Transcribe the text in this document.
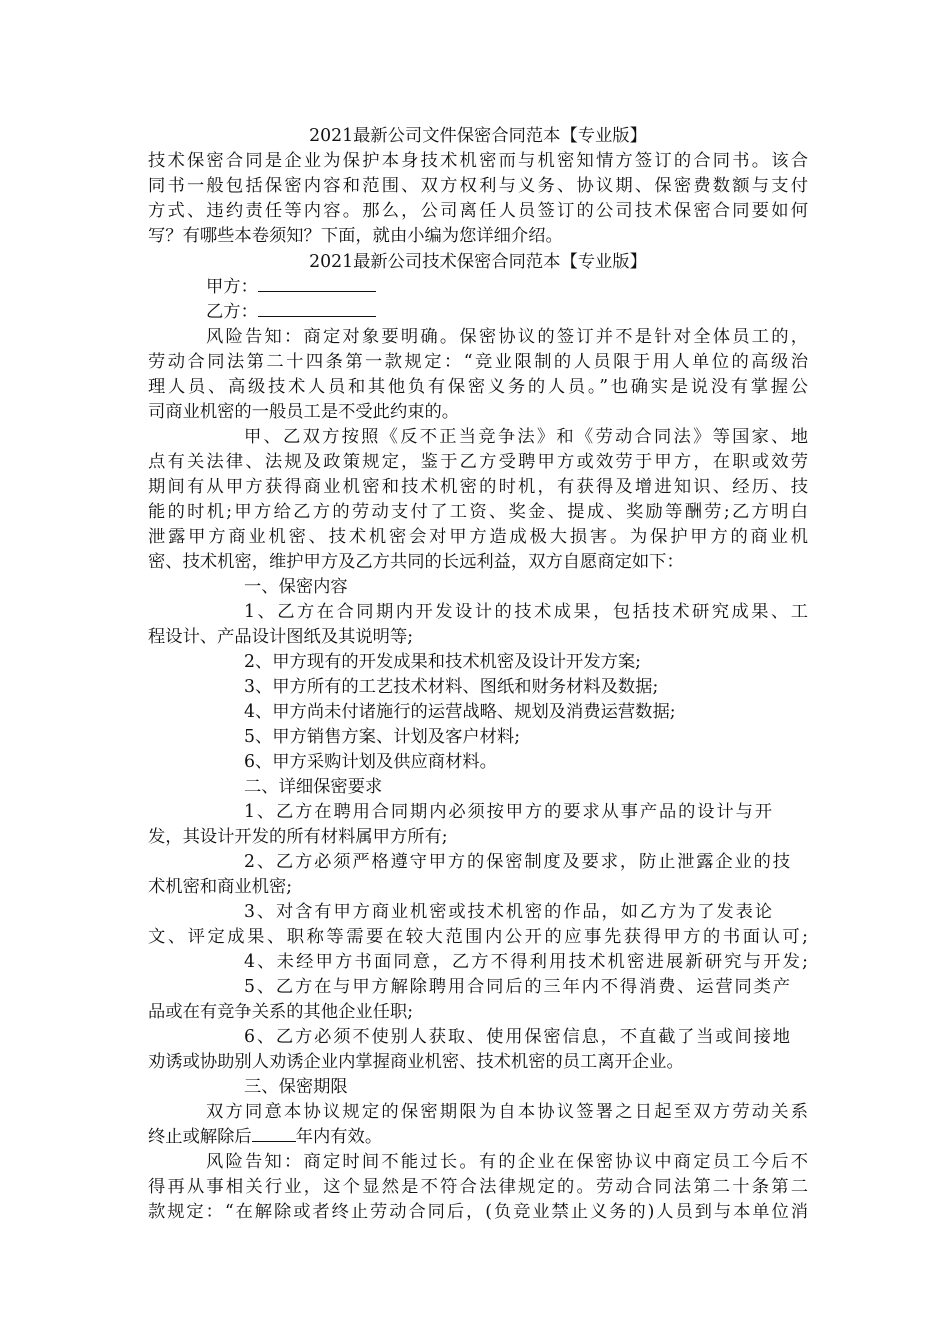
2021最新公司文件保密合同范本【专业版】
技术保密合同是企业为保护本身技术机密而与机密知情方签订的合同书。该合
同书一般包括保密内容和范围、双方权利与义务、协议期、保密费数额与支付
方式、违约责任等内容。那么，公司离任人员签订的公司技术保密合同要如何
写？有哪些本卷须知？下面，就由小编为您详细介绍。
2021最新公司技术保密合同范本【专业版】
甲方：
乙方：
风险告知：商定对象要明确。保密协议的签订并不是针对全体员工的，
劳动合同法第二十四条第一款规定：“竞业限制的人员限于用人单位的高级治
理人员、高级技术人员和其他负有保密义务的人员。”也确实是说没有掌握公
司商业机密的一般员工是不受此约束的。
甲、乙双方按照《反不正当竞争法》和《劳动合同法》等国家、地
点有关法律、法规及政策规定，鉴于乙方受聘甲方或效劳于甲方，在职或效劳
期间有从甲方获得商业机密和技术机密的时机，有获得及增进知识、经历、技
能的时机;甲方给乙方的劳动支付了工资、奖金、提成、奖励等酬劳;乙方明白
泄露甲方商业机密、技术机密会对甲方造成极大损害。为保护甲方的商业机
密、技术机密，维护甲方及乙方共同的长远利益，双方自愿商定如下：
一、保密内容
1、乙方在合同期内开发设计的技术成果，包括技术研究成果、工
程设计、产品设计图纸及其说明等;
2、甲方现有的开发成果和技术机密及设计开发方案;
3、甲方所有的工艺技术材料、图纸和财务材料及数据;
4、甲方尚未付诸施行的运营战略、规划及消费运营数据;
5、甲方销售方案、计划及客户材料;
6、甲方采购计划及供应商材料。
二、详细保密要求
1、乙方在聘用合同期内必须按甲方的要求从事产品的设计与开
发，其设计开发的所有材料属甲方所有;
2、乙方必须严格遵守甲方的保密制度及要求，防止泄露企业的技
术机密和商业机密;
3、对含有甲方商业机密或技术机密的作品，如乙方为了发表论
文、评定成果、职称等需要在较大范围内公开的应事先获得甲方的书面认可;
4、未经甲方书面同意，乙方不得利用技术机密进展新研究与开发;
5、乙方在与甲方解除聘用合同后的三年内不得消费、运营同类产
品或在有竞争关系的其他企业任职;
6、乙方必须不使别人获取、使用保密信息，不直截了当或间接地
劝诱或协助别人劝诱企业内掌握商业机密、技术机密的员工离开企业。
三、保密期限
双方同意本协议规定的保密期限为自本协议签署之日起至双方劳动关系
终止或解除后	年内有效。
风险告知：商定时间不能过长。有的企业在保密协议中商定员工今后不
得再从事相关行业，这个显然是不符合法律规定的。劳动合同法第二十条第二
款规定：“在解除或者终止劳动合同后，(负竞业禁止义务的)人员到与本单位消
